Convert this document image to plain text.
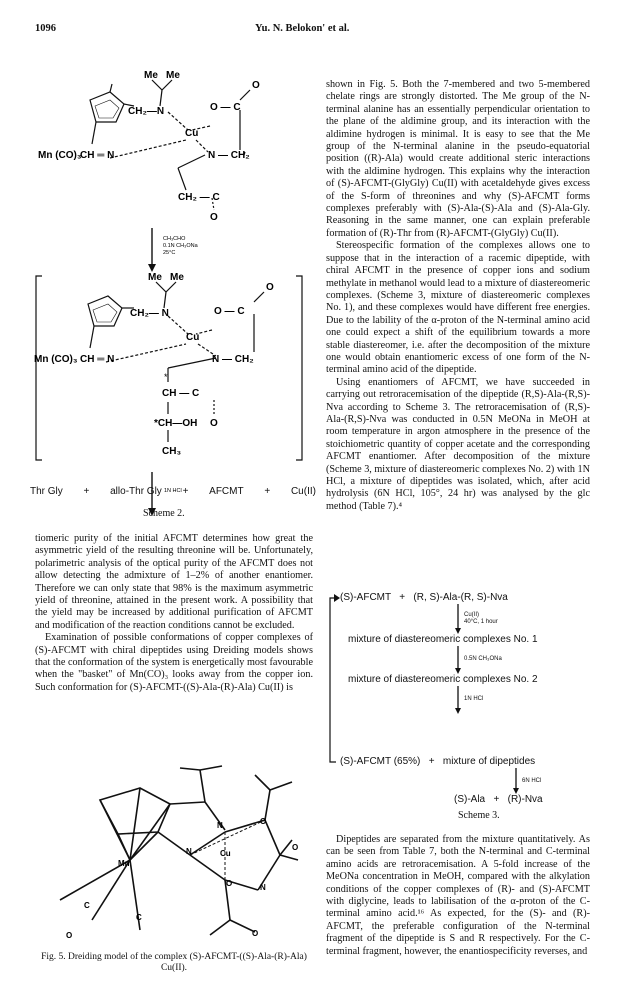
1096	Yu. N. Belokon' et al.
Me Me
CH₂—N	O — C
O
Cu
Mn (CO)₃
CH ═ N	N — CH₂
CH₂ — C
O
CH₃CHO
0.1N CH₃ONa
25°C
Me Me
CH₂— N	O — C
O
Cu
Mn (CO)₃ CH ═ N	N — CH₂
*
CH — C
*CH—OH O
CH₃
1N HCl
Thr Gly + allo-Thr Gly + AFCMT + Cu(II)
Scheme 2.

tiomeric purity of the initial AFCMT determines how great the asymmetric yield of the resulting threonine will be. Unfortunately, polarimetric analysis of the optical purity of the AFCMT does not allow detecting the admixture of 1–2% of another enantiomer. Therefore we can only state that 98% is the maximum asymmetric yield of threonine, attained in the present work. A possibility that the yield may be increased by additional purification of AFCMT and modification of the reaction conditions cannot be excluded.

Examination of possible conformations of copper complexes of (S)-AFCMT with chiral dipeptides using Dreiding models shows that the conformation of the system is energetically most favourable when the "basket" of Mn(CO)₃ looks away from the copper ion. Such conformation for (S)-AFCMT-((S)-Ala-(R)-Ala) Cu(II) is

Mn
Cu
N
N
N
O
O
O
O
C
C
O
Fig. 5. Dreiding model of the complex (S)-AFCMT-((S)-Ala-(R)-Ala) Cu(II).

shown in Fig. 5. Both the 7-membered and two 5-membered chelate rings are strongly distorted. The Me group of the N-terminal alanine has an essentially perpendicular orientation to the plane of the aldimine group, and its interaction with the aldimine hydrogen is minimal. It is easy to see that the Me group of the N-terminal alanine in the pseudo-equatorial position ((R)-Ala) would create additional steric interactions with the aldimine hydrogen. This explains why the interaction of (S)-AFCMT-(GlyGly) Cu(II) with acetaldehyde gives excess of the S-form of threonines and why (S)-AFCMT forms complexes preferably with (S)-Ala-(S)-Ala and (S)-Ala-Gly. Reasoning in the same manner, one can explain preferable formation of (R)-Thr from (R)-AFCMT-(GlyGly) Cu(II).

Stereospecific formation of the complexes allows one to suppose that in the interaction of a racemic dipeptide, with chiral AFCMT in the presence of copper ions and sodium methylate in methanol would lead to a mixture of diastereomeric complexes. (Scheme 3, mixture of diastereomeric complexes No. 1), and these complexes would have different free energies. Due to the lability of the α-proton of the N-terminal amino acid one could expect a shift of the equilibrium towards a more stable diastereomer, i.e. after the decomposition of the mixture one would obtain enantiomeric excess of one form of the N-terminal amino acid of the dipeptide.

Using enantiomers of AFCMT, we have succeeded in carrying out retroracemisation of the dipeptide (R,S)-Ala-(R,S)-Nva according to Scheme 3. The retroracemisation of (R,S)-Ala-(R,S)-Nva was conducted in 0.5N MeONa in MeOH at room temperature in argon atmosphere in the presence of the stoichiometric quantity of copper acetate and the corresponding AFCMT enantiomer. After decomposition of the mixture (Scheme 3, mixture of diastereomeric complexes No. 2) with 1N HCl, a mixture of dipeptides was isolated, which, after acid hydrolysis (6N HCl, 105°, 24 hr) was analysed by the glc method (Table 7).⁴

(S)-AFCMT   +   (R, S)-Ala-(R, S)-Nva
Cu(II)
40°C, 1 hour
mixture of diastereomeric complexes No. 1
0.5N CH₃ONa
mixture of diastereomeric complexes No. 2
1N HCl
(S)-AFCMT (65%)   +   mixture of dipeptides
6N HCl
(S)-Ala   +   (R)-Nva
Scheme 3.

Dipeptides are separated from the mixture quantitatively. As can be seen from Table 7, both the N-terminal and C-terminal amino acids are retroracemisation. A 5-fold increase of the MeONa concentration in MeOH, compared with the alkylation conditions of the copper complexes of (R)- and (S)-AFCMT with diglycine, leads to labilisation of the α-proton of the C-terminal amino acid.¹⁶ As expected, for the (S)- and (R)-AFCMT, the preferable configuration of the N-terminal fragment of the dipeptide is S and R respectively. For the C-terminal fragment, however, the enantiospecificity reverses, and
